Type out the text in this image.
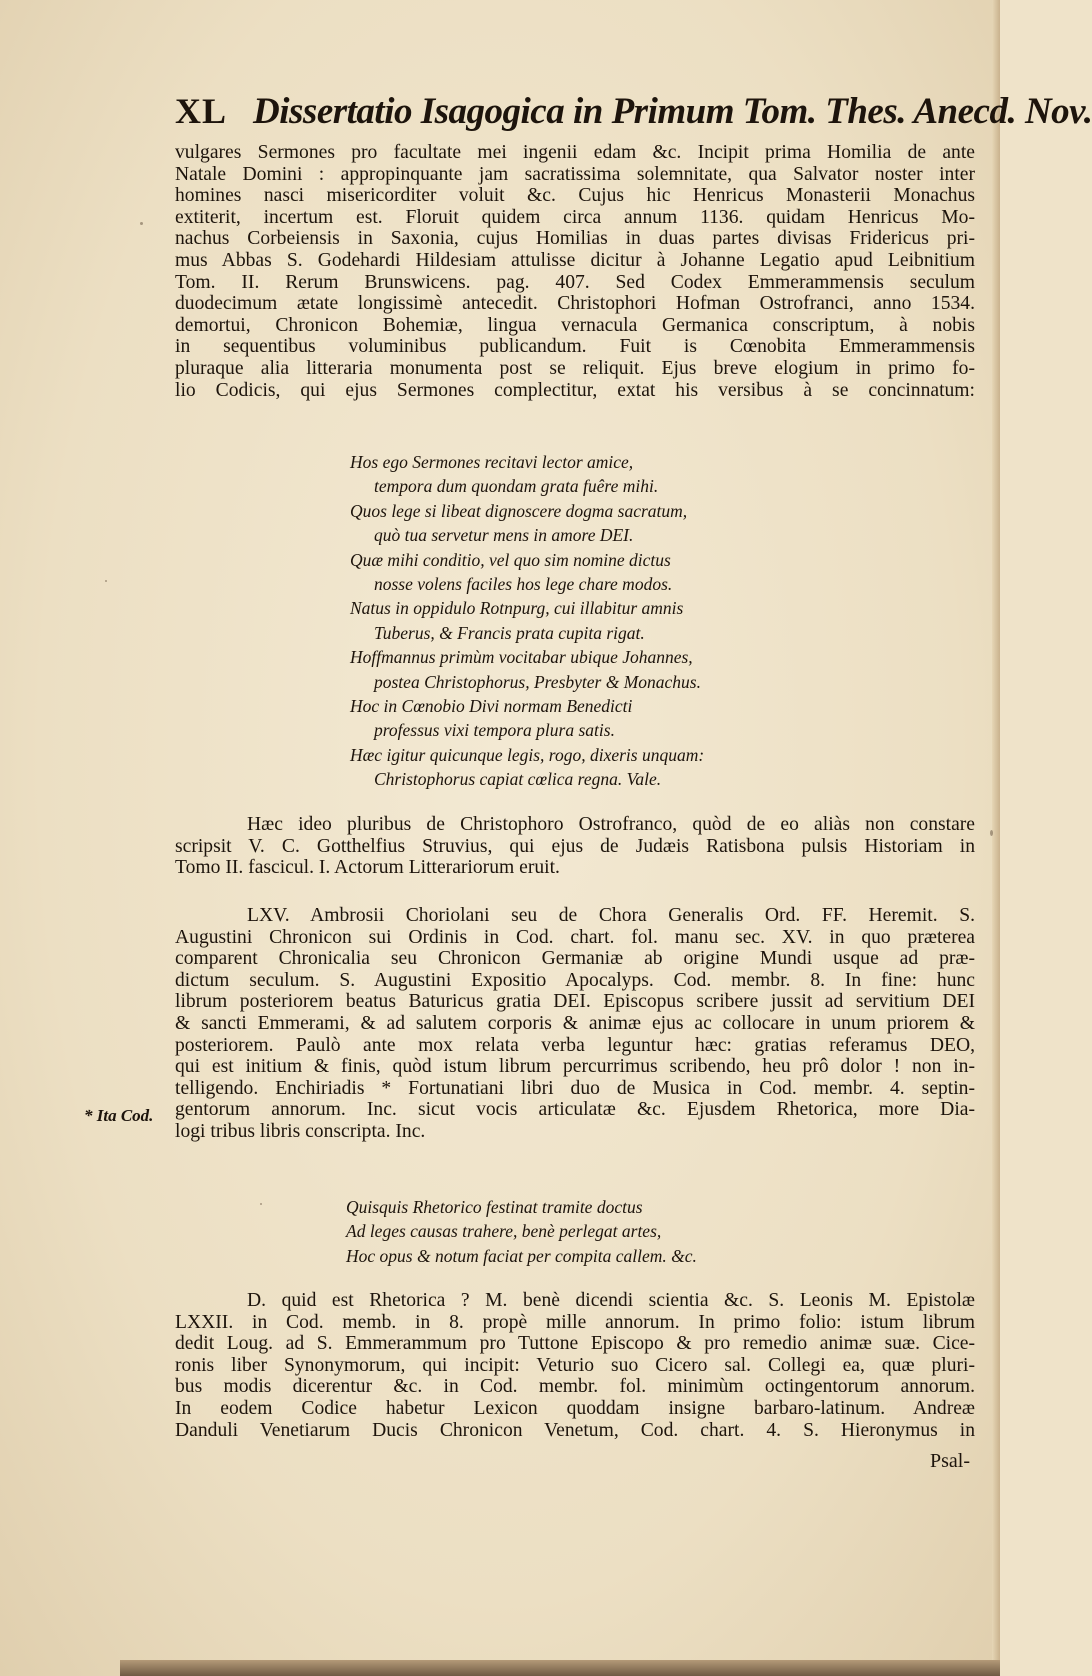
XL Dissertatio Isagogica in Primum Tom. Thes. Anecd. Nov.
vulgares Sermones pro facultate mei ingenii edam &c. Incipit prima Homilia de ante
Natale Domini : appropinquante jam sacratissima solemnitate, qua Salvator noster inter
homines nasci misericorditer voluit &c. Cujus hic Henricus Monasterii Monachus
extiterit, incertum est. Floruit quidem circa annum 1136. quidam Henricus Mo-
nachus Corbeiensis in Saxonia, cujus Homilias in duas partes divisas Fridericus pri-
mus Abbas S. Godehardi Hildesiam attulisse dicitur à Johanne Legatio apud Leibnitium
Tom. II. Rerum Brunswicens. pag. 407. Sed Codex Emmerammensis seculum
duodecimum ætate longissimè antecedit. Christophori Hofman Ostrofranci, anno 1534.
demortui, Chronicon Bohemiæ, lingua vernacula Germanica conscriptum, à nobis
in sequentibus voluminibus publicandum. Fuit is Cœnobita Emmerammensis
pluraque alia litteraria monumenta post se reliquit. Ejus breve elogium in primo fo-
lio Codicis, qui ejus Sermones complectitur, extat his versibus à se concinnatum:
Hos ego Sermones recitavi lector amice,
tempora dum quondam grata fuêre mihi.
Quos lege si libeat dignoscere dogma sacratum,
quò tua servetur mens in amore DEI.
Quæ mihi conditio, vel quo sim nomine dictus
nosse volens faciles hos lege chare modos.
Natus in oppidulo Rotnpurg, cui illabitur amnis
Tuberus, & Francis prata cupita rigat.
Hoffmannus primùm vocitabar ubique Johannes,
postea Christophorus, Presbyter & Monachus.
Hoc in Cœnobio Divi normam Benedicti
professus vixi tempora plura satis.
Hæc igitur quicunque legis, rogo, dixeris unquam:
Christophorus capiat cœlica regna. Vale.
Hæc ideo pluribus de Christophoro Ostrofranco, quòd de eo aliàs non constare
scripsit V. C. Gotthelfius Struvius, qui ejus de Judæis Ratisbona pulsis Historiam in
Tomo II. fascicul. I. Actorum Litterariorum eruit.
LXV. Ambrosii Choriolani seu de Chora Generalis Ord. FF. Heremit. S.
Augustini Chronicon sui Ordinis in Cod. chart. fol. manu sec. XV. in quo præterea
comparent Chronicalia seu Chronicon Germaniæ ab origine Mundi usque ad præ-
dictum seculum. S. Augustini Expositio Apocalyps. Cod. membr. 8. In fine: hunc
librum posteriorem beatus Baturicus gratia DEI. Episcopus scribere jussit ad servitium DEI
& sancti Emmerami, & ad salutem corporis & animæ ejus ac collocare in unum priorem &
posteriorem. Paulò ante mox relata verba leguntur hæc: gratias referamus DEO,
qui est initium & finis, quòd istum librum percurrimus scribendo, heu prô dolor ! non in-
telligendo. Enchiriadis * Fortunatiani libri duo de Musica in Cod. membr. 4. septin-
gentorum annorum. Inc. sicut vocis articulatæ &c. Ejusdem Rhetorica, more Dia-
logi tribus libris conscripta. Inc.
* Ita Cod.
Quisquis Rhetorico festinat tramite doctus
Ad leges causas trahere, benè perlegat artes,
Hoc opus & notum faciat per compita callem. &c.
D. quid est Rhetorica ? M. benè dicendi scientia &c. S. Leonis M. Epistolæ
LXXII. in Cod. memb. in 8. propè mille annorum. In primo folio: istum librum
dedit Loug. ad S. Emmerammum pro Tuttone Episcopo & pro remedio animæ suæ. Cice-
ronis liber Synonymorum, qui incipit: Veturio suo Cicero sal. Collegi ea, quæ pluri-
bus modis dicerentur &c. in Cod. membr. fol. minimùm octingentorum annorum.
In eodem Codice habetur Lexicon quoddam insigne barbaro-latinum. Andreæ
Danduli Venetiarum Ducis Chronicon Venetum, Cod. chart. 4. S. Hieronymus in
Psal-
